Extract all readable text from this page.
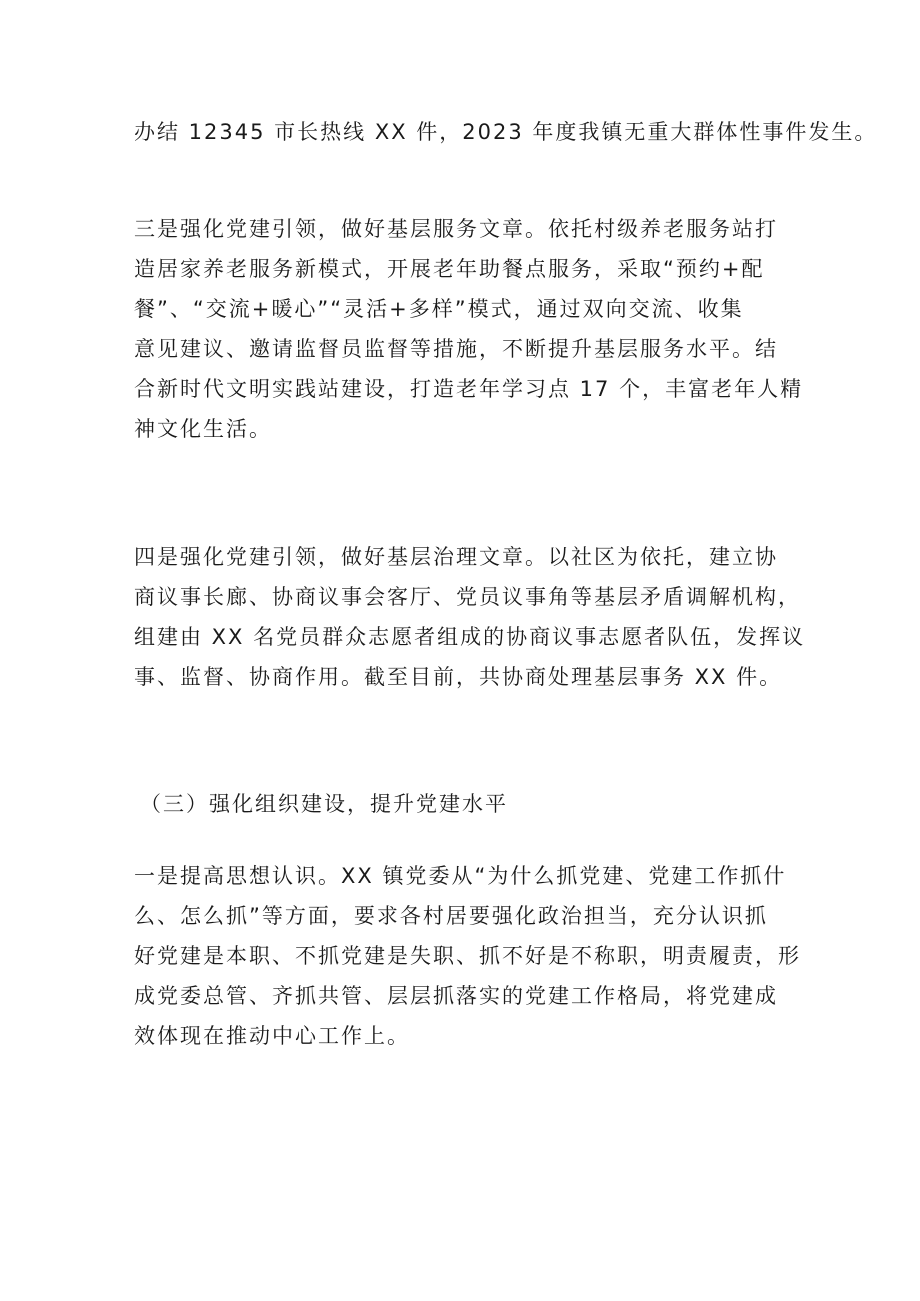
办结 12345 市长热线 XX 件，2023 年度我镇无重大群体性事件发生。

三是强化党建引领，做好基层服务文章。依托村级养老服务站打
造居家养老服务新模式，开展老年助餐点服务，采取“预约+配
餐”、“交流+暖心”“灵活+多样”模式，通过双向交流、收集
意见建议、邀请监督员监督等措施，不断提升基层服务水平。结
合新时代文明实践站建设，打造老年学习点 17 个，丰富老年人精
神文化生活。

四是强化党建引领，做好基层治理文章。以社区为依托，建立协
商议事长廊、协商议事会客厅、党员议事角等基层矛盾调解机构，
组建由 XX 名党员群众志愿者组成的协商议事志愿者队伍，发挥议
事、监督、协商作用。截至目前，共协商处理基层事务 XX 件。

（三）强化组织建设，提升党建水平

一是提高思想认识。XX 镇党委从“为什么抓党建、党建工作抓什
么、怎么抓”等方面，要求各村居要强化政治担当，充分认识抓
好党建是本职、不抓党建是失职、抓不好是不称职，明责履责，形
成党委总管、齐抓共管、层层抓落实的党建工作格局，将党建成
效体现在推动中心工作上。
